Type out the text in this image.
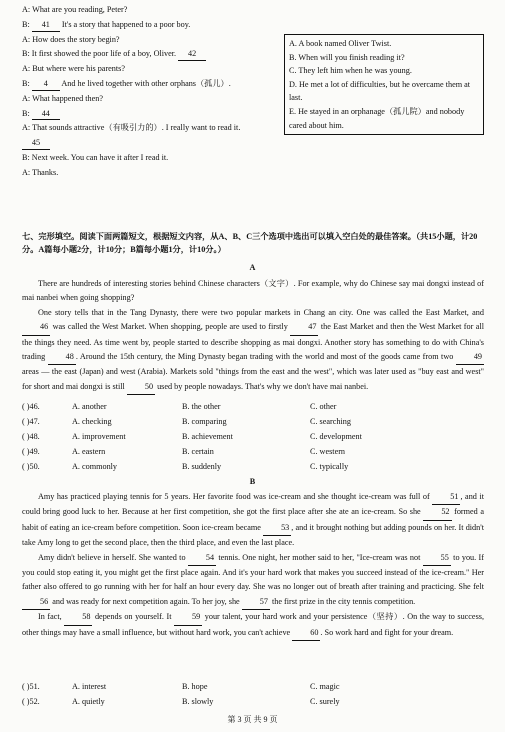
A: What are you reading, Peter?
B: 41 It's a story that happened to a poor boy.
A: How does the story begin?
B: It first showed the poor life of a boy, Oliver. 42
A: But where were his parents?
B: 4 And he lived together with other orphans（孤儿）.
A: What happened then?
B: 44
A: That sounds attractive（有吸引力的）. I really want to read it.
45
B: Next week. You can have it after I read it.
A: Thanks.
A. A book named Oliver Twist.
B. When will you finish reading it?
C. They left him when he was young.
D. He met a lot of difficulties, but he overcame them at last.
E. He stayed in an orphanage（孤儿院）and nobody cared about him.
七、完形填空。阅读下面两篇短文，根据短文内容，从A、B、C三个选项中选出可以填入空白处的最佳答案。（共15小题，计20分。A篇每小题2分，计10分；B篇每小题1分，计10分。）
A

There are hundreds of interesting stories behind Chinese characters（文字）. For example, why do Chinese say mai dongxi instead of mai nanbei when going shopping?

One story tells that in the Tang Dynasty, there were two popular markets in Chang an city. One was called the East Market, and 46 was called the West Market. When shopping, people are used to firstly 47 the East Market and then the West Market for all the things they need. As time went by, people started to describe shopping as mai dongxi. Another story has something to do with China's trading 48 . Around the 15th century, the Ming Dynasty began trading with the world and most of the goods came from two 49 areas — the east (Japan) and west (Arabia). Markets sold "things from the east and the west", which was later used as "buy east and west" for short and mai dongxi is still 50 used by people nowadays. That's why we don't have mai nanbei.

( )46.	A. another	B. the other	C. other
( )47.	A. checking	B. comparing	C. searching
( )48.	A. improvement	B. achievement	C. development
( )49.	A. eastern	B. certain	C. western
( )50.	A. commonly	B. suddenly	C. typically
B

Amy has practiced playing tennis for 5 years. Her favorite food was ice-cream and she thought ice-cream was full of 51 , and it could bring good luck to her. Because at her first competition, she got the first place after she ate an ice-cream. So she 52 formed a habit of eating an ice-cream before competition. Soon ice-cream became 53 , and it brought nothing but adding pounds on her. It didn't take Amy long to get the second place, then the third place, and even the last place.

Amy didn't believe in herself. She wanted to 54 tennis. One night, her mother said to her, "Ice-cream was not 55 to you. If you could stop eating it, you might get the first place again. And it's your hard work that makes you succeed instead of the ice-cream." Her father also offered to go running with her for half an hour every day. She was no longer out of breath after training and practicing. She felt 56 and was ready for next competition again. To her joy, she 57 the first prize in the city tennis competition.

In fact, 58 depends on yourself. It 59 your talent, your hard work and your persistence（坚持）. On the way to success, other things may have a small influence, but without hard work, you can't achieve 60 . So work hard and fight for your dream.

( )51.	A. interest	B. hope	C. magic
( )52.	A. quietly	B. slowly	C. surely
第 3 页 共 9 页
